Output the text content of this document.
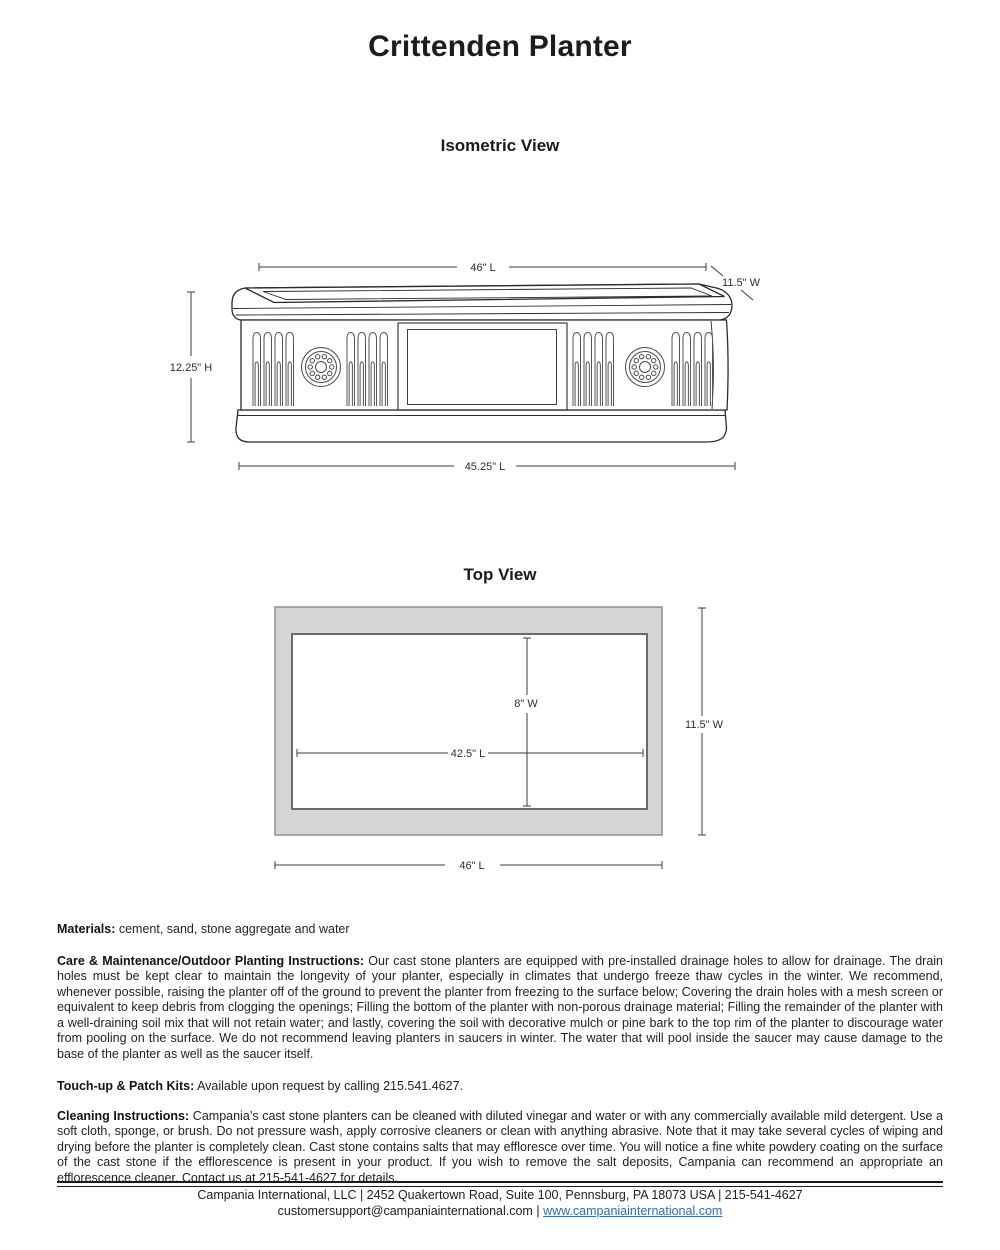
Crittenden Planter
Isometric View
46" L
11.5" W
12.25" H
45.25" L
Top View
8" W
42.5" L
11.5" W
46" L

Materials: cement, sand, stone aggregate and water

Care & Maintenance/Outdoor Planting Instructions: Our cast stone planters are equipped with pre-installed drainage holes to allow for drainage. The drain holes must be kept clear to maintain the longevity of your planter, especially in climates that undergo freeze thaw cycles in the winter. We recommend, whenever possible, raising the planter off of the ground to prevent the planter from freezing to the surface below; Covering the drain holes with a mesh screen or equivalent to keep debris from clogging the openings; Filling the bottom of the planter with non-porous drainage material; Filling the remainder of the planter with a well-draining soil mix that will not retain water; and lastly, covering the soil with decorative mulch or pine bark to the top rim of the planter to discourage water from pooling on the surface. We do not recommend leaving planters in saucers in winter. The water that will pool inside the saucer may cause damage to the base of the planter as well as the saucer itself.

Touch-up & Patch Kits: Available upon request by calling 215.541.4627.

Cleaning Instructions: Campania’s cast stone planters can be cleaned with diluted vinegar and water or with any commercially available mild detergent. Use a soft cloth, sponge, or brush. Do not pressure wash, apply corrosive cleaners or clean with anything abrasive. Note that it may take several cycles of wiping and drying before the planter is completely clean. Cast stone contains salts that may effloresce over time. You will notice a fine white powdery coating on the surface of the cast stone if the efflorescence is present in your product. If you wish to remove the salt deposits, Campania can recommend an appropriate an efflorescence cleaner. Contact us at 215-541-4627 for details.

Campania International, LLC | 2452 Quakertown Road, Suite 100, Pennsburg, PA 18073 USA | 215-541-4627
customersupport@campaniainternational.com | www.campaniainternational.com
